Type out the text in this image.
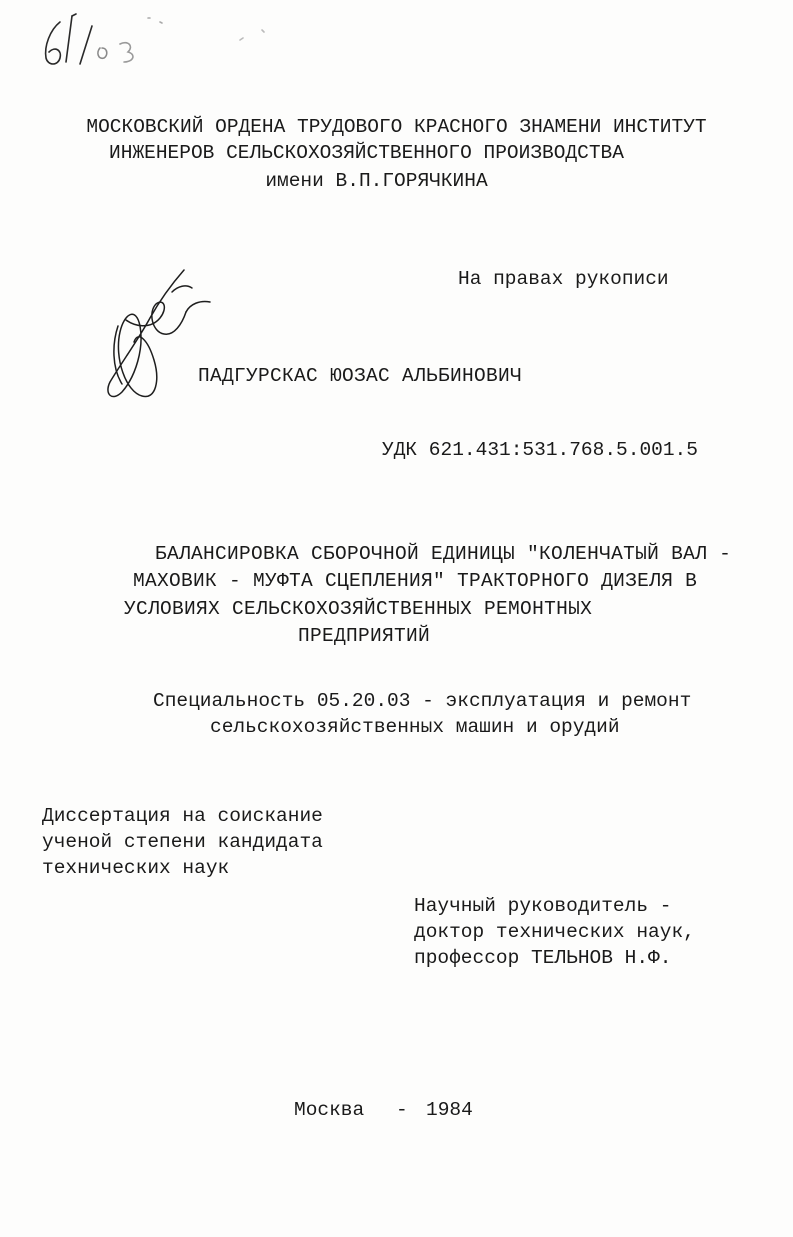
МОСКОВСКИЙ ОРДЕНА ТРУДОВОГО КРАСНОГО ЗНАМЕНИ ИНСТИТУТ
ИНЖЕНЕРОВ СЕЛЬСКОХОЗЯЙСТВЕННОГО ПРОИЗВОДСТВА
имени В.П.ГОРЯЧКИНА
На правах рукописи
ПАДГУРСКАС ЮОЗАС АЛЬБИНОВИЧ
УДК 621.431:531.768.5.001.5
БАЛАНСИРОВКА СБОРОЧНОЙ ЕДИНИЦЫ "КОЛЕНЧАТЫЙ ВАЛ -
МАХОВИК - МУФТА СЦЕПЛЕНИЯ" ТРАКТОРНОГО ДИЗЕЛЯ В
УСЛОВИЯХ СЕЛЬСКОХОЗЯЙСТВЕННЫХ РЕМОНТНЫХ
ПРЕДПРИЯТИЙ
Специальность 05.20.03 - эксплуатация и ремонт
сельскохозяйственных машин и орудий
Диссертация на соискание
ученой степени кандидата
технических наук
Научный руководитель -
доктор технических наук,
профессор ТЕЛЬНОВ Н.Ф.
Москва - 1984
